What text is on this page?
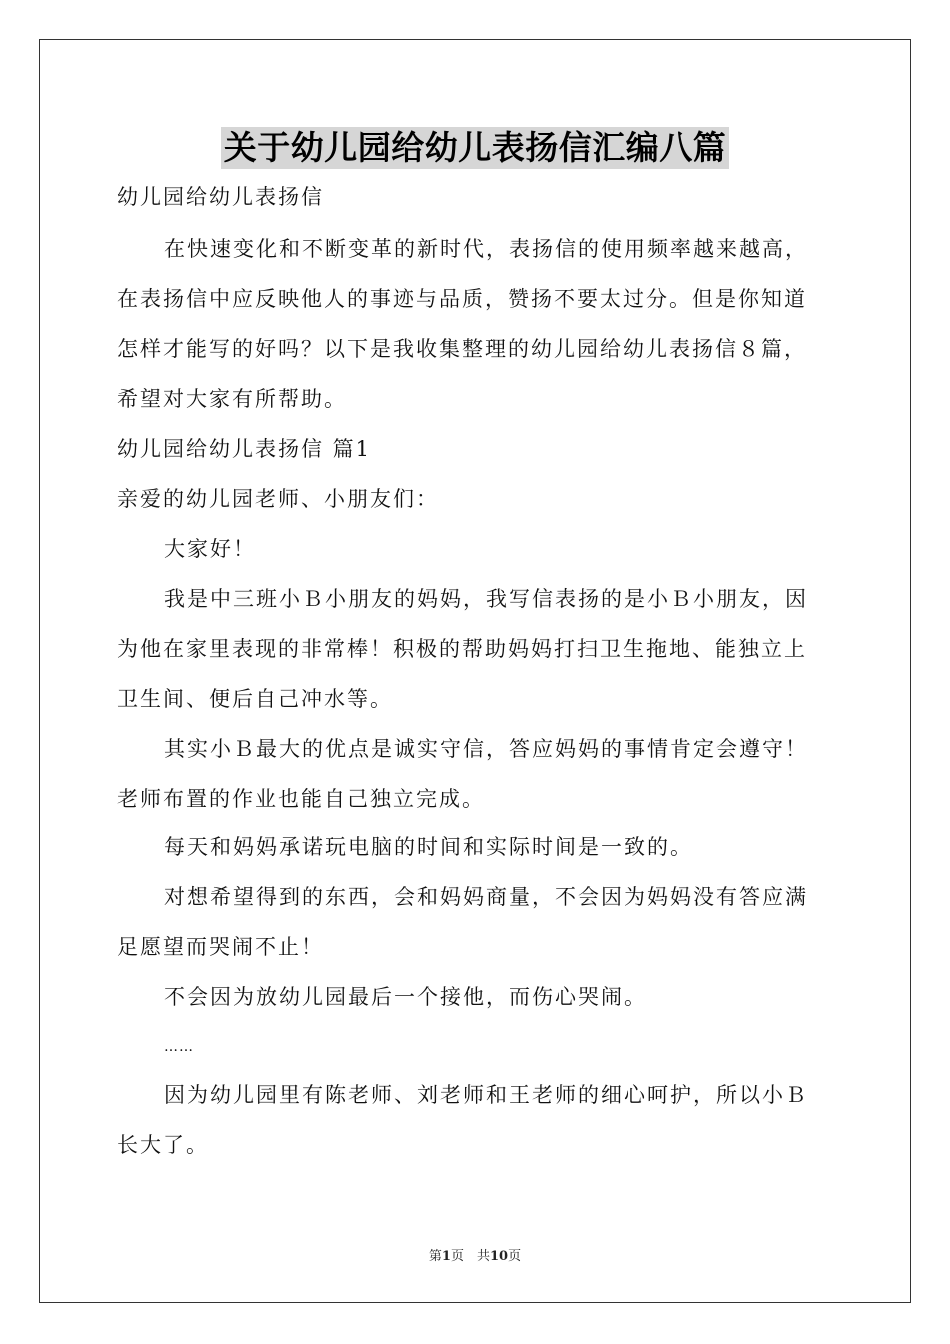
关于幼儿园给幼儿表扬信汇编八篇
幼儿园给幼儿表扬信
在快速变化和不断变革的新时代，表扬信的使用频率越来越高，
在表扬信中应反映他人的事迹与品质，赞扬不要太过分。但是你知道
怎样才能写的好吗？以下是我收集整理的幼儿园给幼儿表扬信８篇，
希望对大家有所帮助。
幼儿园给幼儿表扬信 篇1
亲爱的幼儿园老师、小朋友们：
大家好！
我是中三班小Ｂ小朋友的妈妈，我写信表扬的是小Ｂ小朋友，因
为他在家里表现的非常棒！积极的帮助妈妈打扫卫生拖地、能独立上
卫生间、便后自己冲水等。
其实小Ｂ最大的优点是诚实守信，答应妈妈的事情肯定会遵守！
老师布置的作业也能自己独立完成。
每天和妈妈承诺玩电脑的时间和实际时间是一致的。
对想希望得到的东西，会和妈妈商量，不会因为妈妈没有答应满
足愿望而哭闹不止！
不会因为放幼儿园最后一个接他，而伤心哭闹。
……
因为幼儿园里有陈老师、刘老师和王老师的细心呵护，所以小Ｂ
长大了。
第1页　共10页
